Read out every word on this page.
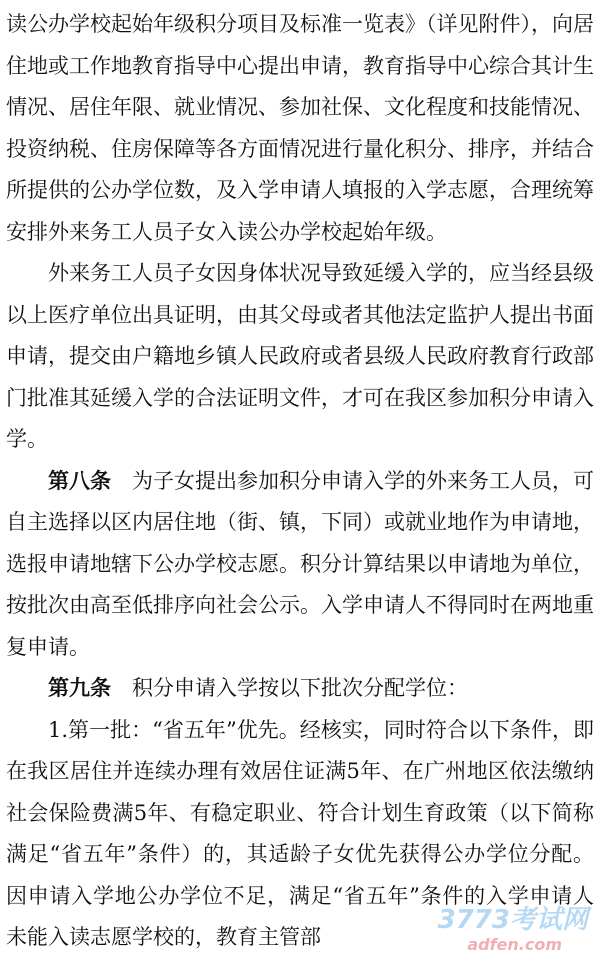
读公办学校起始年级积分项目及标准一览表》（详见附件），向居住地或工作地教育指导中心提出申请，教育指导中心综合其计生情况、居住年限、就业情况、参加社保、文化程度和技能情况、投资纳税、住房保障等各方面情况进行量化积分、排序，并结合所提供的公办学位数，及入学申请人填报的入学志愿，合理统筹安排外来务工人员子女入读公办学校起始年级。

外来务工人员子女因身体状况导致延缓入学的，应当经县级以上医疗单位出具证明，由其父母或者其他法定监护人提出书面申请，提交由户籍地乡镇人民政府或者县级人民政府教育行政部门批准其延缓入学的合法证明文件，才可在我区参加积分申请入学。

第八条　为子女提出参加积分申请入学的外来务工人员，可自主选择以区内居住地（街、镇，下同）或就业地作为申请地，选报申请地辖下公办学校志愿。积分计算结果以申请地为单位，按批次由高至低排序向社会公示。入学申请人不得同时在两地重复申请。

第九条　积分申请入学按以下批次分配学位：

1.第一批：“省五年”优先。经核实，同时符合以下条件，即在我区居住并连续办理有效居住证满5年、在广州地区依法缴纳社会保险费满5年、有稳定职业、符合计划生育政策（以下简称满足“省五年”条件）的，其适龄子女优先获得公办学位分配。因申请入学地公办学位不足，满足“省五年”条件的入学申请人未能入读志愿学校的，教育主管部

3773考试网
adfen.com
